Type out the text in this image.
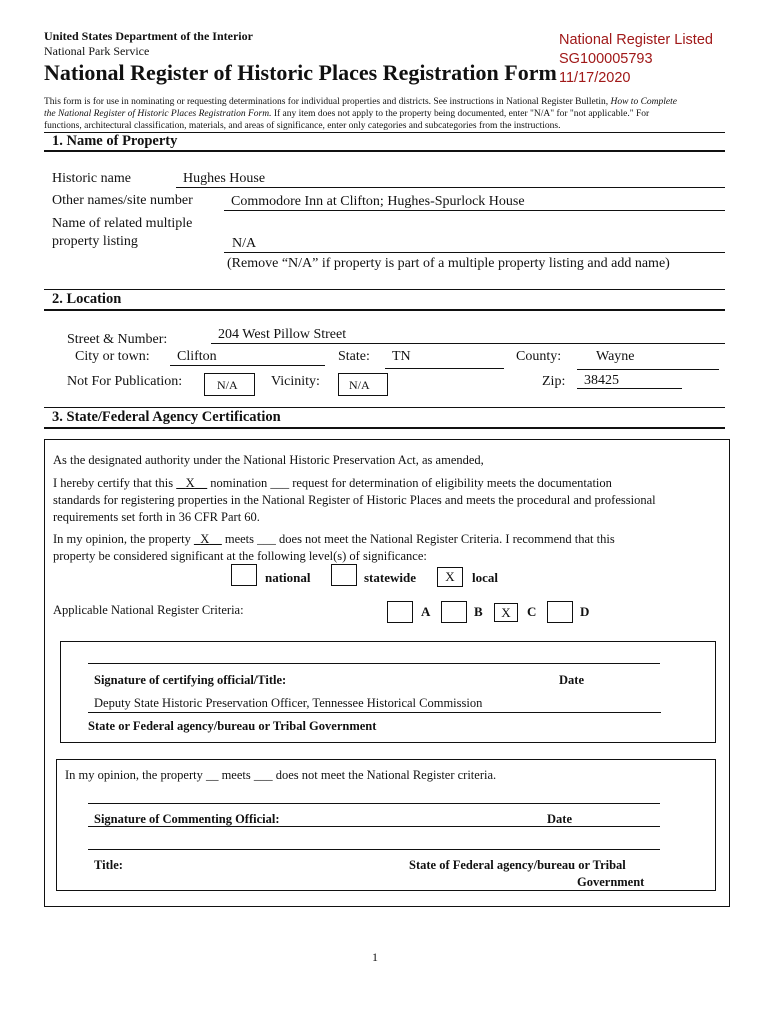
United States Department of the Interior
National Park Service
National Register of Historic Places Registration Form
National Register Listed
SG100005793
11/17/2020
This form is for use in nominating or requesting determinations for individual properties and districts. See instructions in National Register Bulletin, How to Complete
the National Register of Historic Places Registration Form. If any item does not apply to the property being documented, enter "N/A" for "not applicable." For
functions, architectural classification, materials, and areas of significance, enter only categories and subcategories from the instructions.
1. Name of Property
Historic name	Hughes House
Other names/site number	Commodore Inn at Clifton; Hughes-Spurlock House
Name of related multiple
property listing	N/A
(Remove “N/A” if property is part of a multiple property listing and add name)
2. Location
Street & Number:	204 West Pillow Street
City or town: Clifton	State: TN	County: Wayne
Not For Publication:	N/A	Vicinity:	N/A	Zip: 38425
3. State/Federal Agency Certification
As the designated authority under the National Historic Preservation Act, as amended,
I hereby certify that this  _X__ nomination ___ request for determination of eligibility meets the documentation
standards for registering properties in the National Register of Historic Places and meets the procedural and professional
requirements set forth in 36 CFR Part 60.
In my opinion, the property _X__ meets ___ does not meet the National Register Criteria. I recommend that this
property be considered significant at the following level(s) of significance:
national	statewide	X	local
Applicable National Register Criteria:	A	B	X	C	D
Signature of certifying official/Title:	Date
Deputy State Historic Preservation Officer, Tennessee Historical Commission
State or Federal agency/bureau or Tribal Government
In my opinion, the property __ meets ___ does not meet the National Register criteria.
Signature of Commenting Official:	Date
Title:	State of Federal agency/bureau or Tribal
Government
1
